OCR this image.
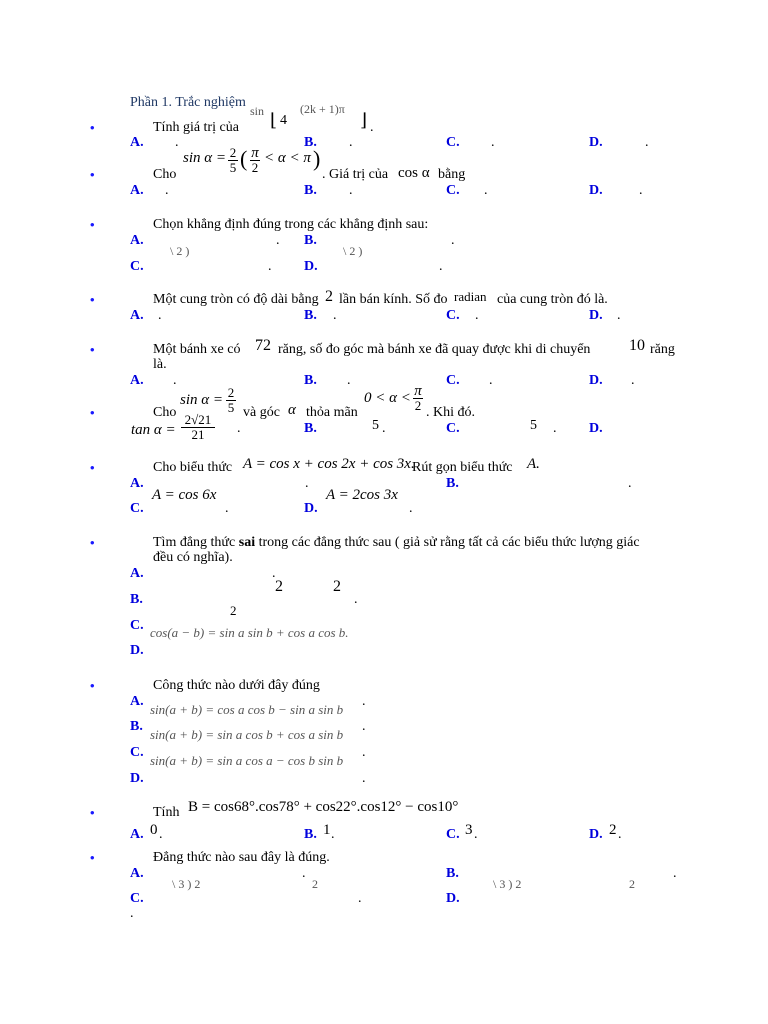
Phần 1. Trắc nghiệm
•	Tính giá trị của
sin ⌊ 4
(2k + 1)π
⌋ .
A. .	B. .	C. .	D.	.
•	Cho
sin α = 2
5 ( π
2
< α < π )
. Giá trị của cos α bằng
A. .	B. .	C. .	D.	.
•	Chọn khẳng định đúng trong các khẳng định sau:
A.
\ 2 )
. B.
\ 2 )
.
C.	. D.	.
•	Một cung tròn có độ dài bằng 2 lần bán kính. Số đo radian của cung tròn đó là.
A. .	B. .	C. .	D. .
•	Một bánh xe có 72 răng, số đo góc mà bánh xe đã quay được khi di chuyển 10 răng
là.
A. .	B. .	C. .	D. .
•	Cho
sin α = 2
5 và góc α thỏa mãn
0 < α < π
2 . Khi đó.
tan α =
2√21
21	.	B.	5 .	C.	5 . D.
•	Cho biểu thức A = cos x + cos 2x + cos 3x.
Rút gọn biểu thức A.
A.	.	B.	.
A = cos 6x	A = 2cos 3x
C.	.	D.	.
•	Tìm đẳng thức sai trong các đẳng thức sau ( giả sử rằng tất cả các biểu thức lượng giác
đều có nghĩa).
A.	.
2	2
B.	.
2
C. cos(a − b) = sin a sin b + cos a cos b.
D.
•	Công thức nào dưới đây đúng
A.
sin(a + b) = cos a cos b − sin a sin b
.
B.
sin(a + b) = sin a cos b + cos a sin b
.
C.
sin(a + b) = sin a cos a − cos b sin b
.
D.	.
•	Tính B = cos68°.cos78° + cos22°.cos12° − cos10°
A. 0 .	B. 1 .	C. 3 .	D. 2 .
•	Đẳng thức nào sau đây là đúng.
A.
\ 3 ) 2	2
.	B.
\ 3 ) 2	2
.
C.	.	D.
.
